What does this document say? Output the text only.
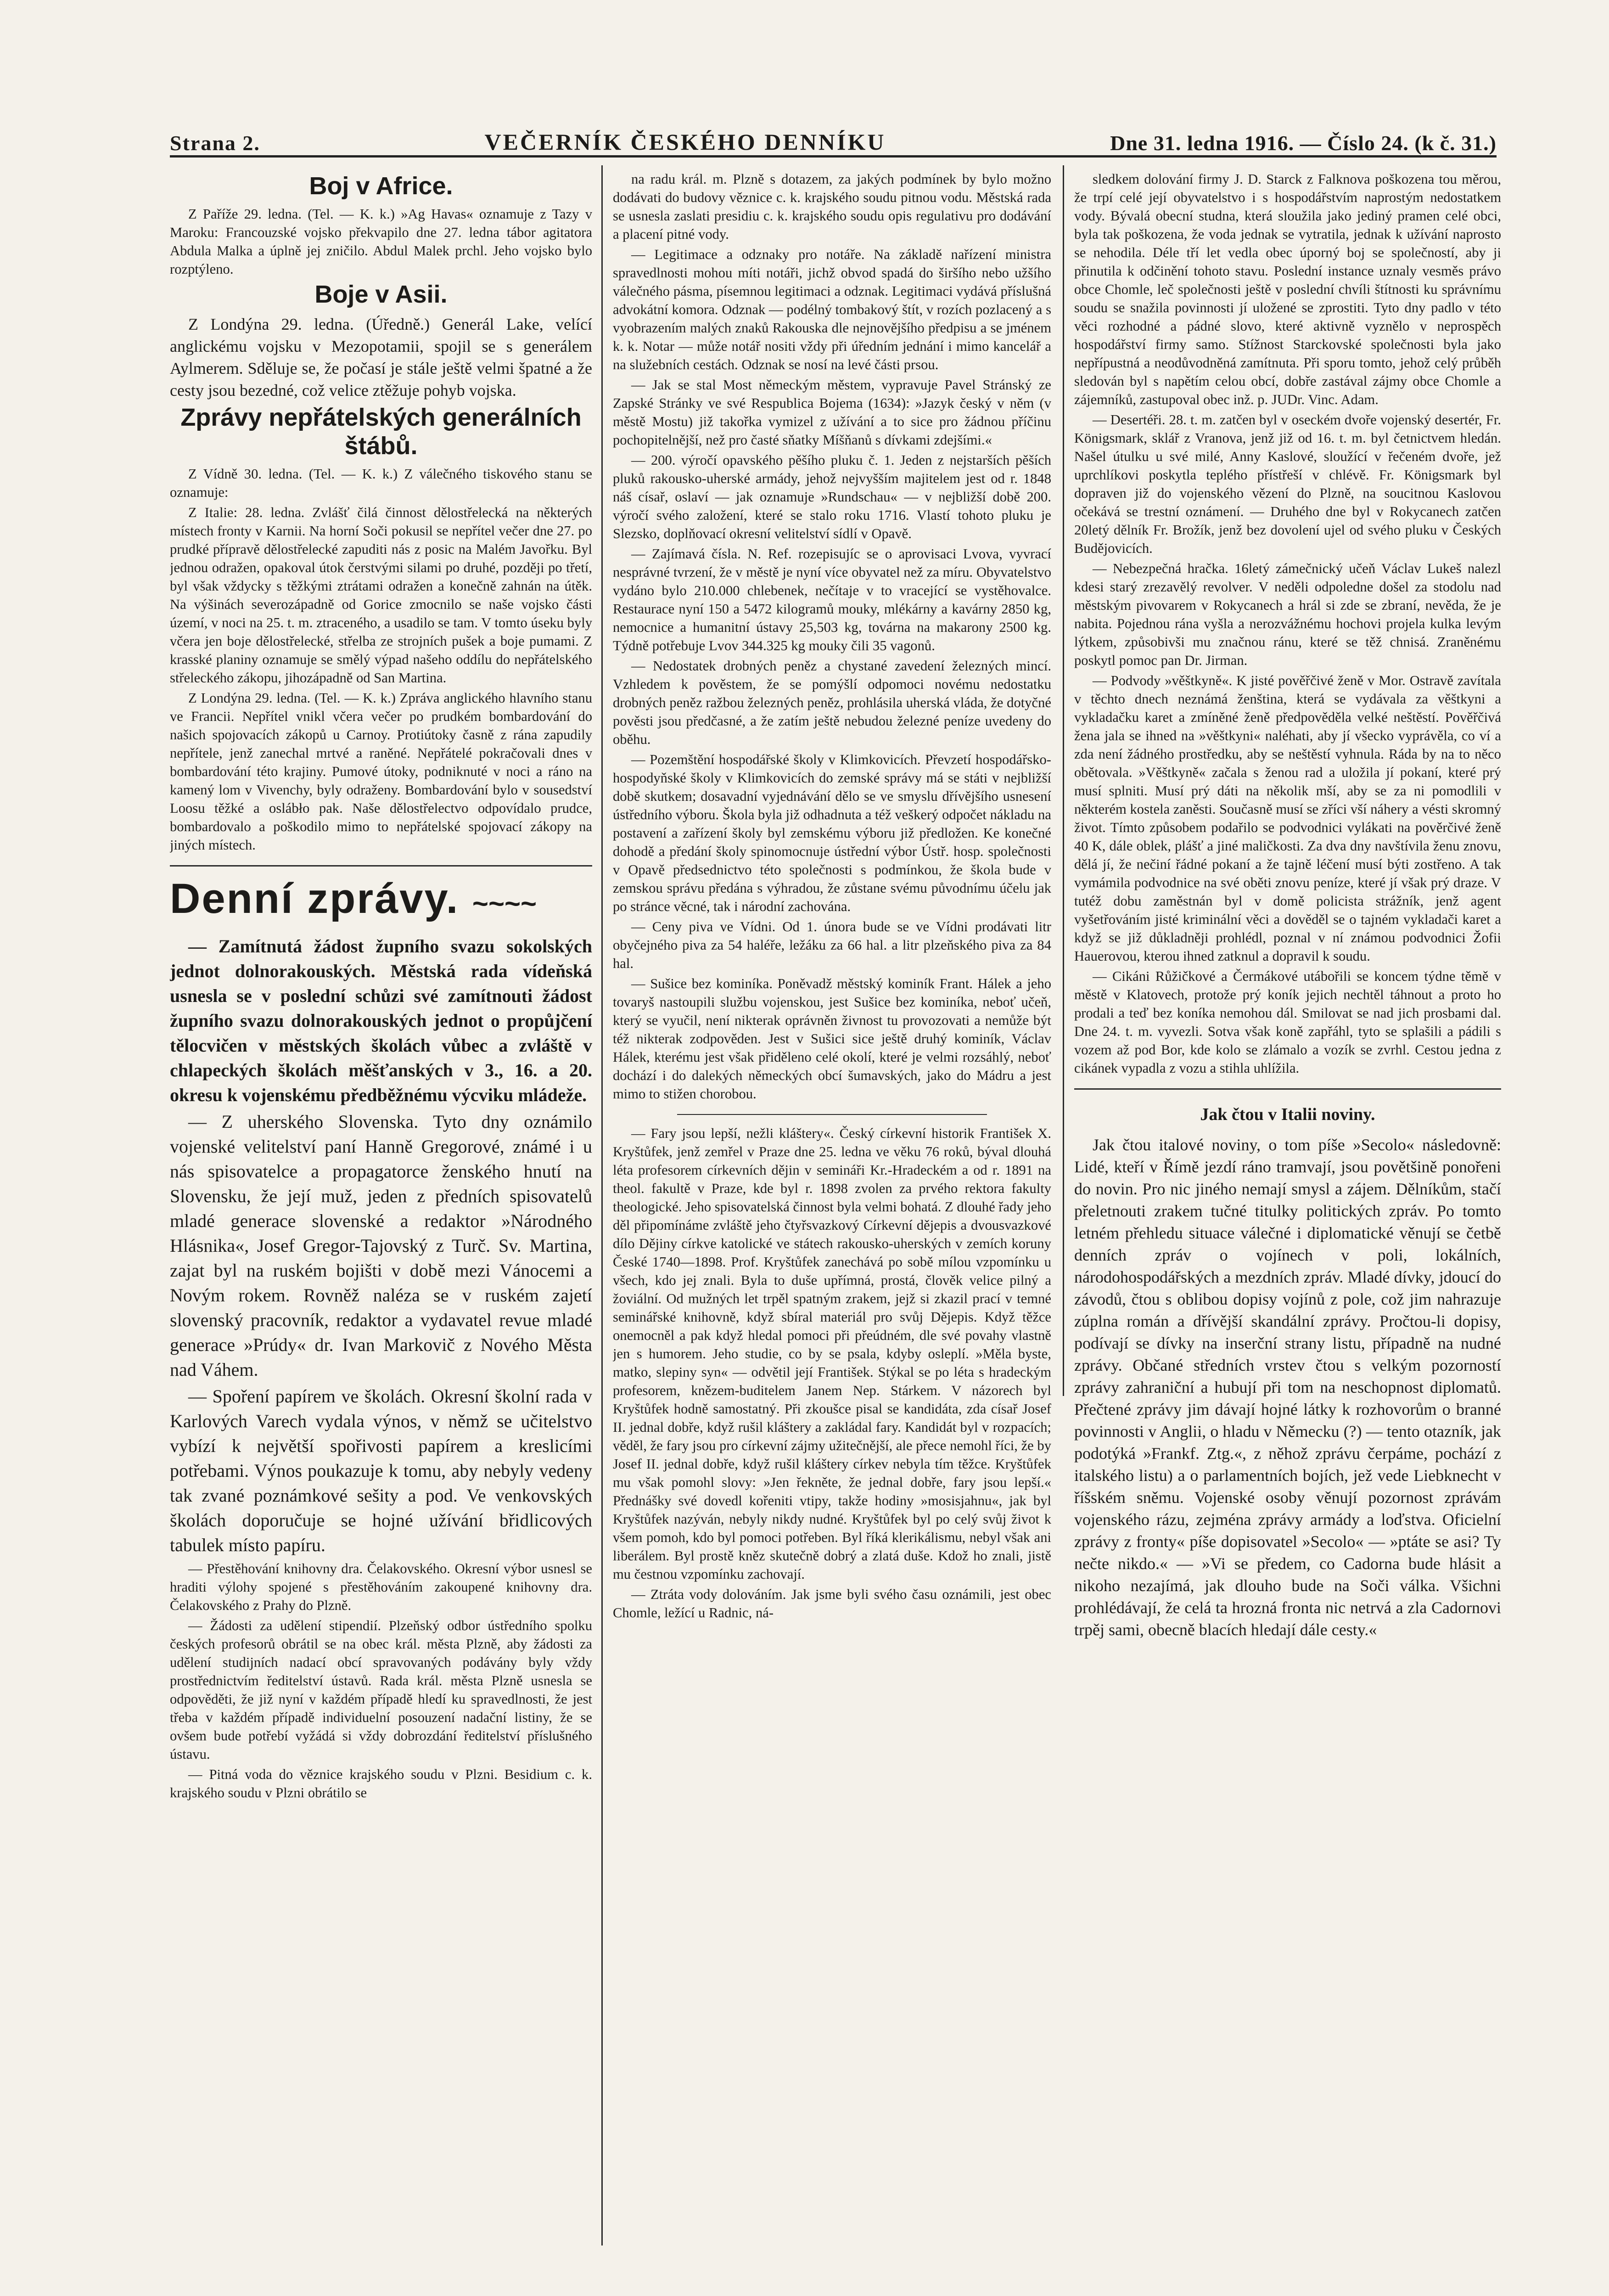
Strana 2.	VEČERNÍK ČESKÉHO DENNÍKU	Dne 31. ledna 1916. — Číslo 24. (k č. 31.)
Boj v Africe.

Z Paříže 29. ledna. (Tel. — K. k.) »Ag Havas« oznamuje z Tazy v Maroku: Francouzské vojsko překvapilo dne 27. ledna tábor agitatora Abdula Malka a úplně jej zničilo. Abdul Malek prchl. Jeho vojsko bylo rozptýleno.

Boje v Asii.

Z Londýna 29. ledna. (Úředně.) Generál Lake, velící anglickému vojsku v Mezopotamii, spojil se s generálem Aylmerem. Sděluje se, že počasí je stále ještě velmi špatné a že cesty jsou bezedné, což velice ztěžuje pohyb vojska.

Zprávy nepřátelských generálních štábů.

Z Vídně 30. ledna. (Tel. — K. k.) Z válečného tiskového stanu se oznamuje:

Z Italie: 28. ledna. Zvlášť čilá činnost dělostřelecká na některých místech fronty v Karnii. Na horní Soči pokusil se nepřítel večer dne 27. po prudké přípravě dělostřelecké zapuditi nás z posic na Malém Javořku. Byl jednou odražen, opakoval útok čerstvými silami po druhé, později po třetí, byl však vždycky s těžkými ztrátami odražen a konečně zahnán na útěk. Na výšinách severozápadně od Gorice zmocnilo se naše vojsko části území, v noci na 25. t. m. ztraceného, a usadilo se tam. V tomto úseku byly včera jen boje dělostřelecké, střelba ze strojních pušek a boje pumami. Z krasské planiny oznamuje se smělý výpad našeho oddílu do nepřátelského střeleckého zákopu, jihozápadně od San Martina.

Z Londýna 29. ledna. (Tel. — K. k.) Zpráva anglického hlavního stanu ve Francii. Nepřítel vnikl včera večer po prudkém bombardování do našich spojovacích zákopů u Carnoy. Protiútoky časně z rána zapudily nepřítele, jenž zanechal mrtvé a raněné. Nepřátelé pokračovali dnes v bombardování této krajiny. Pumové útoky, podniknuté v noci a ráno na kamený lom v Vivenchy, byly odraženy. Bombardování bylo v sousedství Loosu těžké a oslábło pak. Naše dělostřelectvo odpovídalo prudce, bombardovalo a poškodilo mimo to nepřátelské spojovací zákopy na jiných místech.

Denní zprávy. ~~~~

— Zamítnutá žádost župního svazu sokolských jednot dolnorakouských. Městská rada vídeňská usnesla se v poslední schůzi své zamítnouti žádost župního svazu dolnorakouských jednot o propůjčení tělocvičen v městských školách vůbec a zvláště v chlapeckých školách měšťanských v 3., 16. a 20. okresu k vojenskému předběžnému výcviku mládeže.

— Z uherského Slovenska. Tyto dny oznámilo vojenské velitelství paní Hanně Gregorové, známé i u nás spisovatelce a propagatorce ženského hnutí na Slovensku, že její muž, jeden z předních spisovatelů mladé generace slovenské a redaktor »Národného Hlásnika«, Josef Gregor-Tajovský z Turč. Sv. Martina, zajat byl na ruském bojišti v době mezi Vánocemi a Novým rokem. Rovněž naléza se v ruském zajetí slovenský pracovník, redaktor a vydavatel revue mladé generace »Prúdy« dr. Ivan Markovič z Nového Města nad Váhem.

— Spoření papírem ve školách. Okresní školní rada v Karlových Varech vydala výnos, v němž se učitelstvo vybízí k největší spořivosti papírem a kreslicími potřebami. Výnos poukazuje k tomu, aby nebyly vedeny tak zvané poznámkové sešity a pod. Ve venkovských školách doporučuje se hojné užívání břidlicových tabulek místo papíru.

— Přestěhování knihovny dra. Čelakovského. Okresní výbor usnesl se hraditi výlohy spojené s přestěhováním zakoupené knihovny dra. Čelakovského z Prahy do Plzně.

— Žádosti za udělení stipendií. Plzeňský odbor ústředního spolku českých profesorů obrátil se na obec král. města Plzně, aby žádosti za udělení studijních nadací obcí spravovaných podávány byly vždy prostřednictvím ředitelství ústavů. Rada král. města Plzně usnesla se odpověděti, že již nyní v každém případě hledí ku spravedlnosti, že jest třeba v každém případě individuelní posouzení nadační listiny, že se ovšem bude potřebí vyžádá si vždy dobrozdání ředitelství příslušného ústavu.

— Pitná voda do věznice krajského soudu v Plzni. Besidium c. k. krajského soudu v Plzni obrátilo se

na radu král. m. Plzně s dotazem, za jakých podmínek by bylo možno dodávati do budovy věznice c. k. krajského soudu pitnou vodu. Městská rada se usnesla zaslati presidiu c. k. krajského soudu opis regulativu pro dodávání a placení pitné vody.

— Legitimace a odznaky pro notáře. Na základě nařízení ministra spravedlnosti mohou míti notáři, jichž obvod spadá do širšího nebo užšího válečného pásma, písemnou legitimaci a odznak. Legitimaci vydává příslušná advokátní komora. Odznak — podélný tombakový štít, v rozích pozlacený a s vyobrazením malých znaků Rakouska dle nejnovějšího předpisu a se jménem k. k. Notar — může notář nositi vždy při úředním jednání i mimo kancelář a na služebních cestách. Odznak se nosí na levé části prsou.

— Jak se stal Most německým městem, vypravuje Pavel Stránský ze Zapské Stránky ve své Respublica Bojema (1634): »Jazyk český v něm (v městě Mostu) již takořka vymizel z užívání a to sice pro žádnou příčinu pochopitelnější, než pro časté sňatky Míšňanů s dívkami zdejšími.«

— 200. výročí opavského pěšího pluku č. 1. Jeden z nejstarších pěších pluků rakousko-uherské armády, jehož nejvyšším majitelem jest od r. 1848 náš císař, oslaví — jak oznamuje »Rundschau« — v nejbližší době 200. výročí svého založení, které se stalo roku 1716. Vlastí tohoto pluku je Slezsko, doplňovací okresní velitelství sídlí v Opavě.

— Zajímavá čísla. N. Ref. rozepisujíc se o aprovisaci Lvova, vyvrací nesprávné tvrzení, že v městě je nyní více obyvatel než za míru. Obyvatelstvo vydáno bylo 210.000 chlebenek, nečítaje v to vracející se vystěhovalce. Restaurace nyní 150 a 5472 kilogramů mouky, mlékárny a kavárny 2850 kg, nemocnice a humanitní ústavy 25,503 kg, továrna na makarony 2500 kg. Týdně potřebuje Lvov 344.325 kg mouky čili 35 vagonů.

— Nedostatek drobných peněz a chystané zavedení železných mincí. Vzhledem k pověstem, že se pomýšlí odpomoci novému nedostatku drobných peněz ražbou železných peněz, prohlásila uherská vláda, že dotyčné pověsti jsou předčasné, a že zatím ještě nebudou železné peníze uvedeny do oběhu.

— Pozemštění hospodářské školy v Klimkovicích. Převzetí hospodářsko-hospodyňské školy v Klimkovicích do zemské správy má se státi v nejbližší době skutkem; dosavadní vyjednávání dělo se ve smyslu dřívějšího usnesení ústředního výboru. Škola byla již odhadnuta a též veškerý odpočet nákladu na postavení a zařízení školy byl zemskému výboru již předložen. Ke konečné dohodě a předání školy spinomocnuje ústřední výbor Ústř. hosp. společnosti v Opavě předsednictvo této společnosti s podmínkou, že škola bude v zemskou správu předána s výhradou, že zůstane svému původnímu účelu jak po stránce věcné, tak i národní zachována.

— Ceny piva ve Vídni. Od 1. února bude se ve Vídni prodávati litr obyčejného piva za 54 haléře, ležáku za 66 hal. a litr plzeňského piva za 84 hal.

— Sušice bez kominíka. Poněvadž městský kominík Frant. Hálek a jeho tovaryš nastoupili službu vojenskou, jest Sušice bez kominíka, neboť učeň, který se vyučil, není nikterak oprávněn živnost tu provozovati a nemůže být též nikterak zodpověden. Jest v Sušici sice ještě druhý kominík, Václav Hálek, kterému jest však přiděleno celé okolí, které je velmi rozsáhlý, neboť dochází i do dalekých německých obcí šumavských, jako do Mádru a jest mimo to stižen chorobou.

— Fary jsou lepší, nežli kláštery«. Český církevní historik František X. Kryštůfek, jenž zemřel v Praze dne 25. ledna ve věku 76 roků, býval dlouhá léta profesorem církevních dějin v semináři Kr.-Hradeckém a od r. 1891 na theol. fakultě v Praze, kde byl r. 1898 zvolen za prvého rektora fakulty theologické. Jeho spisovatelská činnost byla velmi bohatá. Z dlouhé řady jeho děl připomínáme zvláště jeho čtyřsvazkový Církevní dějepis a dvousvazkové dílo Dějiny církve katolické ve státech rakousko-uherských v zemích koruny České 1740—1898. Prof. Kryštůfek zanechává po sobě mílou vzpomínku u všech, kdo jej znali. Byla to duše upřímná, prostá, člověk velice pilný a žoviální. Od mužných let trpěl spatným zrakem, jejž si zkazil prací v temné seminářské knihovně, když sbíral materiál pro svůj Dějepis. Když těžce onemocněl a pak když hledal pomoci při přeúdném, dle své povahy vlastně jen s humorem. Jeho studie, co by se psala, kdyby osleplí. »Měla byste, matko, slepiny syn« — odvětil její František. Stýkal se po léta s hradeckým profesorem, knězem-buditelem Janem Nep. Stárkem. V názorech byl Kryštůfek hodně samostatný. Při zkoušce pisal se kandidáta, zda císař Josef II. jednal dobře, když rušil kláštery a zakládal fary. Kandidát byl v rozpacích; věděl, že fary jsou pro církevní zájmy užitečnější, ale přece nemohl říci, že by Josef II. jednal dobře, když rušil kláštery církev nebyla tím těžce. Kryštůfek mu však pomohl slovy: »Jen řekněte, že jednal dobře, fary jsou lepší.« Přednášky své dovedl kořeniti vtipy, takže hodiny »mosisjahnu«, jak byl Kryštůfek nazýván, nebyly nikdy nudné. Kryštůfek byl po celý svůj život k všem pomoh, kdo byl pomoci potřeben. Byl říká klerikálismu, nebyl však ani liberálem. Byl prostě kněz skutečně dobrý a zlatá duše. Kdož ho znali, jistě mu čestnou vzpomínku zachovají.

— Ztráta vody dolováním. Jak jsme byli svého času oznámili, jest obec Chomle, ležící u Radnic, ná-

sledkem dolování firmy J. D. Starck z Falknova poškozena tou měrou, že trpí celé její obyvatelstvo i s hospodářstvím naprostým nedostatkem vody. Bývalá obecní studna, která sloužila jako jediný pramen celé obci, byla tak poškozena, že voda jednak se vytratila, jednak k užívání naprosto se nehodila. Déle tří let vedla obec úporný boj se společností, aby ji přinutila k odčinění tohoto stavu. Poslední instance uznaly vesměs právo obce Chomle, leč společnosti ještě v poslední chvíli štítnosti ku správnímu soudu se snažila povinnosti jí uložené se zprostiti. Tyto dny padlo v této věci rozhodné a pádné slovo, které aktivně vyznělo v neprospěch hospodářství firmy samo. Stížnost Starckovské společnosti byla jako nepřípustná a neodůvodněná zamítnuta. Při sporu tomto, jehož celý průběh sledován byl s napětím celou obcí, dobře zastával zájmy obce Chomle a zájemníků, zastupoval obec inž. p. JUDr. Vinc. Adam.

— Desertéři. 28. t. m. zatčen byl v oseckém dvoře vojenský desertér, Fr. Königsmark, sklář z Vranova, jenž již od 16. t. m. byl četnictvem hledán. Našel útulku u své milé, Anny Kaslové, sloužící v řečeném dvoře, jež uprchlíkovi poskytla teplého přístřeší v chlévě. Fr. Königsmark byl dopraven již do vojenského vězení do Plzně, na soucitnou Kaslovou očekává se trestní oznámení. — Druhého dne byl v Rokycanech zatčen 20letý dělník Fr. Brožík, jenž bez dovolení ujel od svého pluku v Českých Budějovicích.

— Nebezpečná hračka. 16letý zámečnický učeň Václav Lukeš nalezl kdesi starý zrezavělý revolver. V neděli odpoledne došel za stodolu nad městským pivovarem v Rokycanech a hrál si zde se zbraní, nevěda, že je nabita. Pojednou rána vyšla a nerozvážnému hochovi projela kulka levým lýtkem, způsobivši mu značnou ránu, které se těž chnisá. Zraněnému poskytl pomoc pan Dr. Jirman.

— Podvody »věštkyně«. K jisté pověřčivé ženě v Mor. Ostravě zavítala v těchto dnech neznámá ženština, která se vydávala za věštkyni a vykladačku karet a zmíněné ženě předpověděla velké neštěstí. Pověřčivá žena jala se ihned na »věštkyni« naléhati, aby jí všecko vyprávěla, co ví a zda není žádného prostředku, aby se neštěstí vyhnula. Ráda by na to něco obětovala. »Věštkyně« začala s ženou rad a uložila jí pokaní, které prý musí splniti. Musí prý dáti na několik mší, aby se za ni pomodlili v některém kostela zaněsti. Současně musí se zříci vší náhery a vésti skromný život. Tímto způsobem podařilo se podvodnici vylákati na pověrčivé ženě 40 K, dále oblek, plášť a jiné maličkosti. Za dva dny navštívila ženu znovu, dělá jí, že nečiní řádné pokaní a že tajně léčení musí býti zostřeno. A tak vymámila podvodnice na své oběti znovu peníze, které jí však prý draze. V tutéž dobu zaměstnán byl v domě policista strážník, jenž agent vyšetřováním jisté kriminální věci a dověděl se o tajném vykladači karet a když se již důkladněji prohlédl, poznal v ní známou podvodnici Žofii Hauerovou, kterou ihned zatknul a dopravil k soudu.

— Cikáni Růžičkové a Čermákové utábořili se koncem týdne těmě v městě v Klatovech, protože prý koník jejich nechtěl táhnout a proto ho prodali a teď bez koníka nemohou dál. Smilovat se nad jich prosbami dal. Dne 24. t. m. vyvezli. Sotva však koně zapřáhl, tyto se splašili a pádili s vozem až pod Bor, kde kolo se zlámalo a vozík se zvrhl. Cestou jedna z cikánek vypadla z vozu a stihla uhlížila.

Jak čtou v Italii noviny.

Jak čtou italové noviny, o tom píše »Secolo« následovně: Lidé, kteří v Římě jezdí ráno tramvají, jsou povětšině ponořeni do novin. Pro nic jiného nemají smysl a zájem. Dělníkům, stačí přeletnouti zrakem tučné titulky politických zpráv. Po tomto letném přehledu situace válečné i diplomatické věnují se četbě denních zpráv o vojínech v poli, lokálních, národohospodářských a mezdních zpráv. Mladé dívky, jdoucí do závodů, čtou s oblibou dopisy vojínů z pole, což jim nahrazuje zúplna román a dřívější skandální zprávy. Pročtou-li dopisy, podívají se dívky na inserční strany listu, případně na nudné zprávy. Občané středních vrstev čtou s velkým pozorností zprávy zahraniční a hubují při tom na neschopnost diplomatů. Přečtené zprávy jim dávají hojné látky k rozhovorům o branné povinnosti v Anglii, o hladu v Německu (?) — tento otazník, jak podotýká »Frankf. Ztg.«, z něhož zprávu čerpáme, pochází z italského listu) a o parlamentních bojích, jež vede Liebknecht v říšském sněmu. Vojenské osoby věnují pozornost zprávám vojenského rázu, zejména zprávy armády a loďstva. Oficielní zprávy z fronty« píše dopisovatel »Secolo« — »ptáte se asi? Ty nečte nikdo.« — »Vi se předem, co Cadorna bude hlásit a nikoho nezajímá, jak dlouho bude na Soči válka. Všichni prohlédávají, že celá ta hrozná fronta nic netrvá a zla Cadornovi trpěj sami, obecně blacích hledají dále cesty.«
